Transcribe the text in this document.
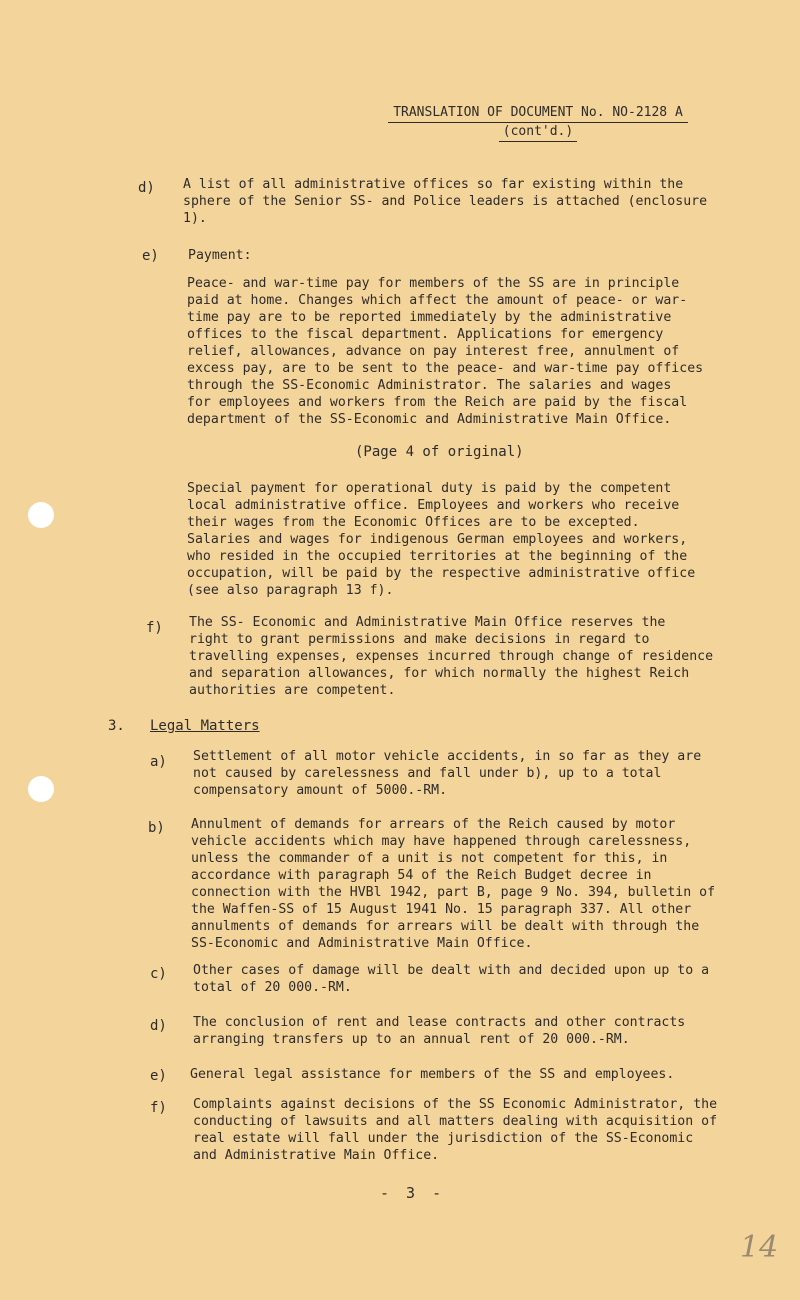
TRANSLATION OF DOCUMENT No. NO-2128 A
(cont'd.)
d) A list of all administrative offices so far existing within the
sphere of the Senior SS- and Police leaders is attached (enclosure
1).
e) Payment:
Peace- and war-time pay for members of the SS are in principle
paid at home. Changes which affect the amount of peace- or war-
time pay are to be reported immediately by the administrative
offices to the fiscal department. Applications for emergency
relief, allowances, advance on pay interest free, annulment of
excess pay, are to be sent to the peace- and war-time pay offices
through the SS-Economic Administrator. The salaries and wages
for employees and workers from the Reich are paid by the fiscal
department of the SS-Economic and Administrative Main Office.
(Page 4 of original)
Special payment for operational duty is paid by the competent
local administrative office. Employees and workers who receive
their wages from the Economic Offices are to be excepted.
Salaries and wages for indigenous German employees and workers,
who resided in the occupied territories at the beginning of the
occupation, will be paid by the respective administrative office
(see also paragraph 13 f).
f) The SS- Economic and Administrative Main Office reserves the
right to grant permissions and make decisions in regard to
travelling expenses, expenses incurred through change of residence
and separation allowances, for which normally the highest Reich
authorities are competent.
3. Legal Matters
a) Settlement of all motor vehicle accidents, in so far as they are
not caused by carelessness and fall under b), up to a total
compensatory amount of 5000.-RM.
b) Annulment of demands for arrears of the Reich caused by motor
vehicle accidents which may have happened through carelessness,
unless the commander of a unit is not competent for this, in
accordance with paragraph 54 of the Reich Budget decree in
connection with the HVBl 1942, part B, page 9 No. 394, bulletin of
the Waffen-SS of 15 August 1941 No. 15 paragraph 337. All other
annulments of demands for arrears will be dealt with through the
SS-Economic and Administrative Main Office.
c) Other cases of damage will be dealt with and decided upon up to a
total of 20 000.-RM.
d) The conclusion of rent and lease contracts and other contracts
arranging transfers up to an annual rent of 20 000.-RM.
e) General legal assistance for members of the SS and employees.
f) Complaints against decisions of the SS Economic Administrator, the
conducting of lawsuits and all matters dealing with acquisition of
real estate will fall under the jurisdiction of the SS-Economic
and Administrative Main Office.
- 3 -
14
